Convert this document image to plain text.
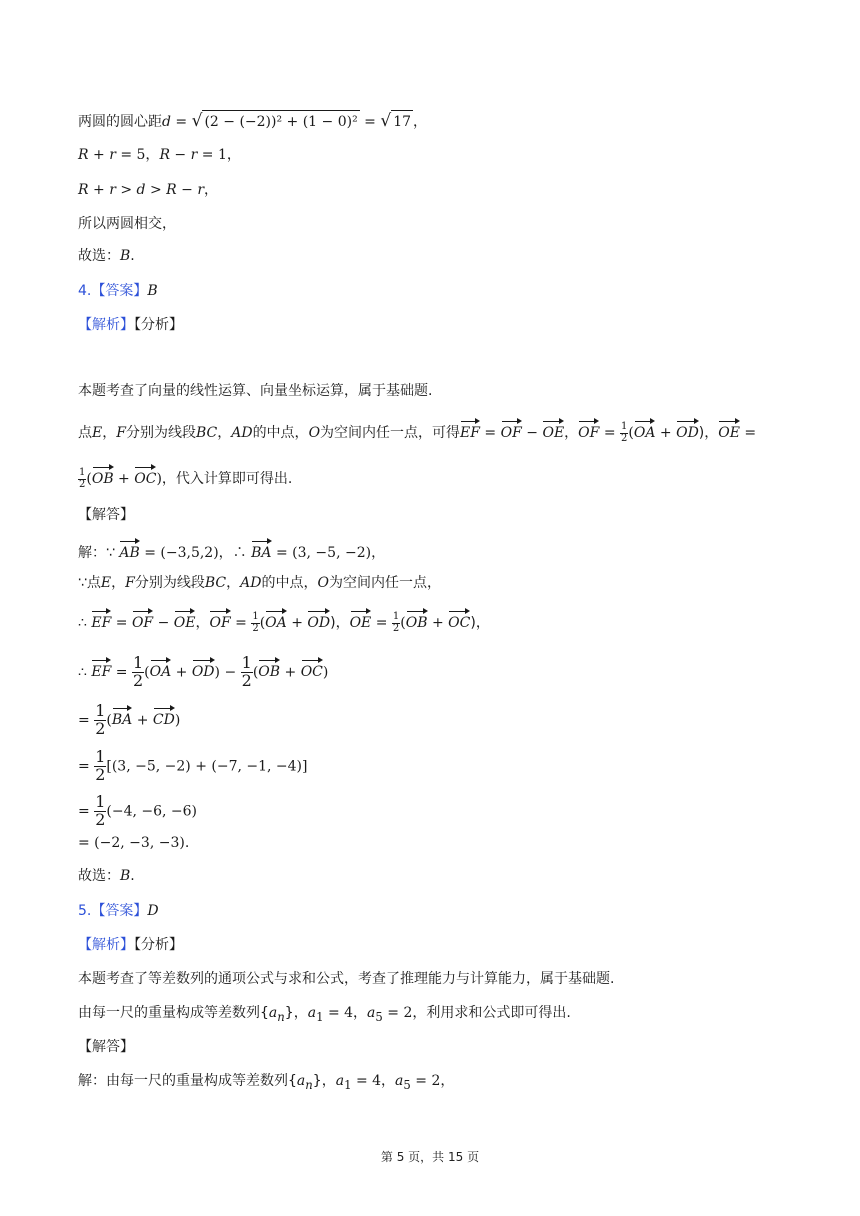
两圆的圆心距d = √ (2 − (−2))² + (1 − 0)² = √ 17 ，
R + r = 5，R − r = 1，
R + r > d > R − r，
所以两圆相交，
故选：B.
4.【答案】B
【解析】【分析】
本题考查了向量的线性运算、向量坐标运算，属于基础题.
点E，F分别为线段BC，AD的中点，O为空间内任一点，可得EF = OF − OE，OF = $\frac{1}{2} (OA + OD)$，OE =
$\frac{1}{2} (OB + OC)$，代入计算即可得出.
【解答】
解：∵ AB = (−3,5,2)，∴ BA = (3, −5, −2)，
∵点E，F分别为线段BC，AD的中点，O为空间内任一点，
∴ EF = OF − OE，OF = $\frac{1}{2} (OA + OD)$，OE = $\frac{1}{2} (OB + OC)$，
∴ EF = $\frac{1}{2} (OA + OD) - \frac{1}{2} (OB + OC)$
= $\frac{1}{2} (BA + CD)$
= $\frac{1}{2} [(3$, −5, −2) + (−7, −1, −4)]
= $\frac{1}{2} (-4$, −6, −6)
= (−2, −3, −3).
故选：B.
5.【答案】D
【解析】【分析】
本题考查了等差数列的通项公式与求和公式，考查了推理能力与计算能力，属于基础题.
由每一尺的重量构成等差数列$\{a_n\}$，$a_1 = 4$，$a_5 = 2$，利用求和公式即可得出.
【解答】
解：由每一尺的重量构成等差数列$\{a_n\}$，$a_1 = 4$，$a_5 = 2$，
第 5 页，共 15 页
